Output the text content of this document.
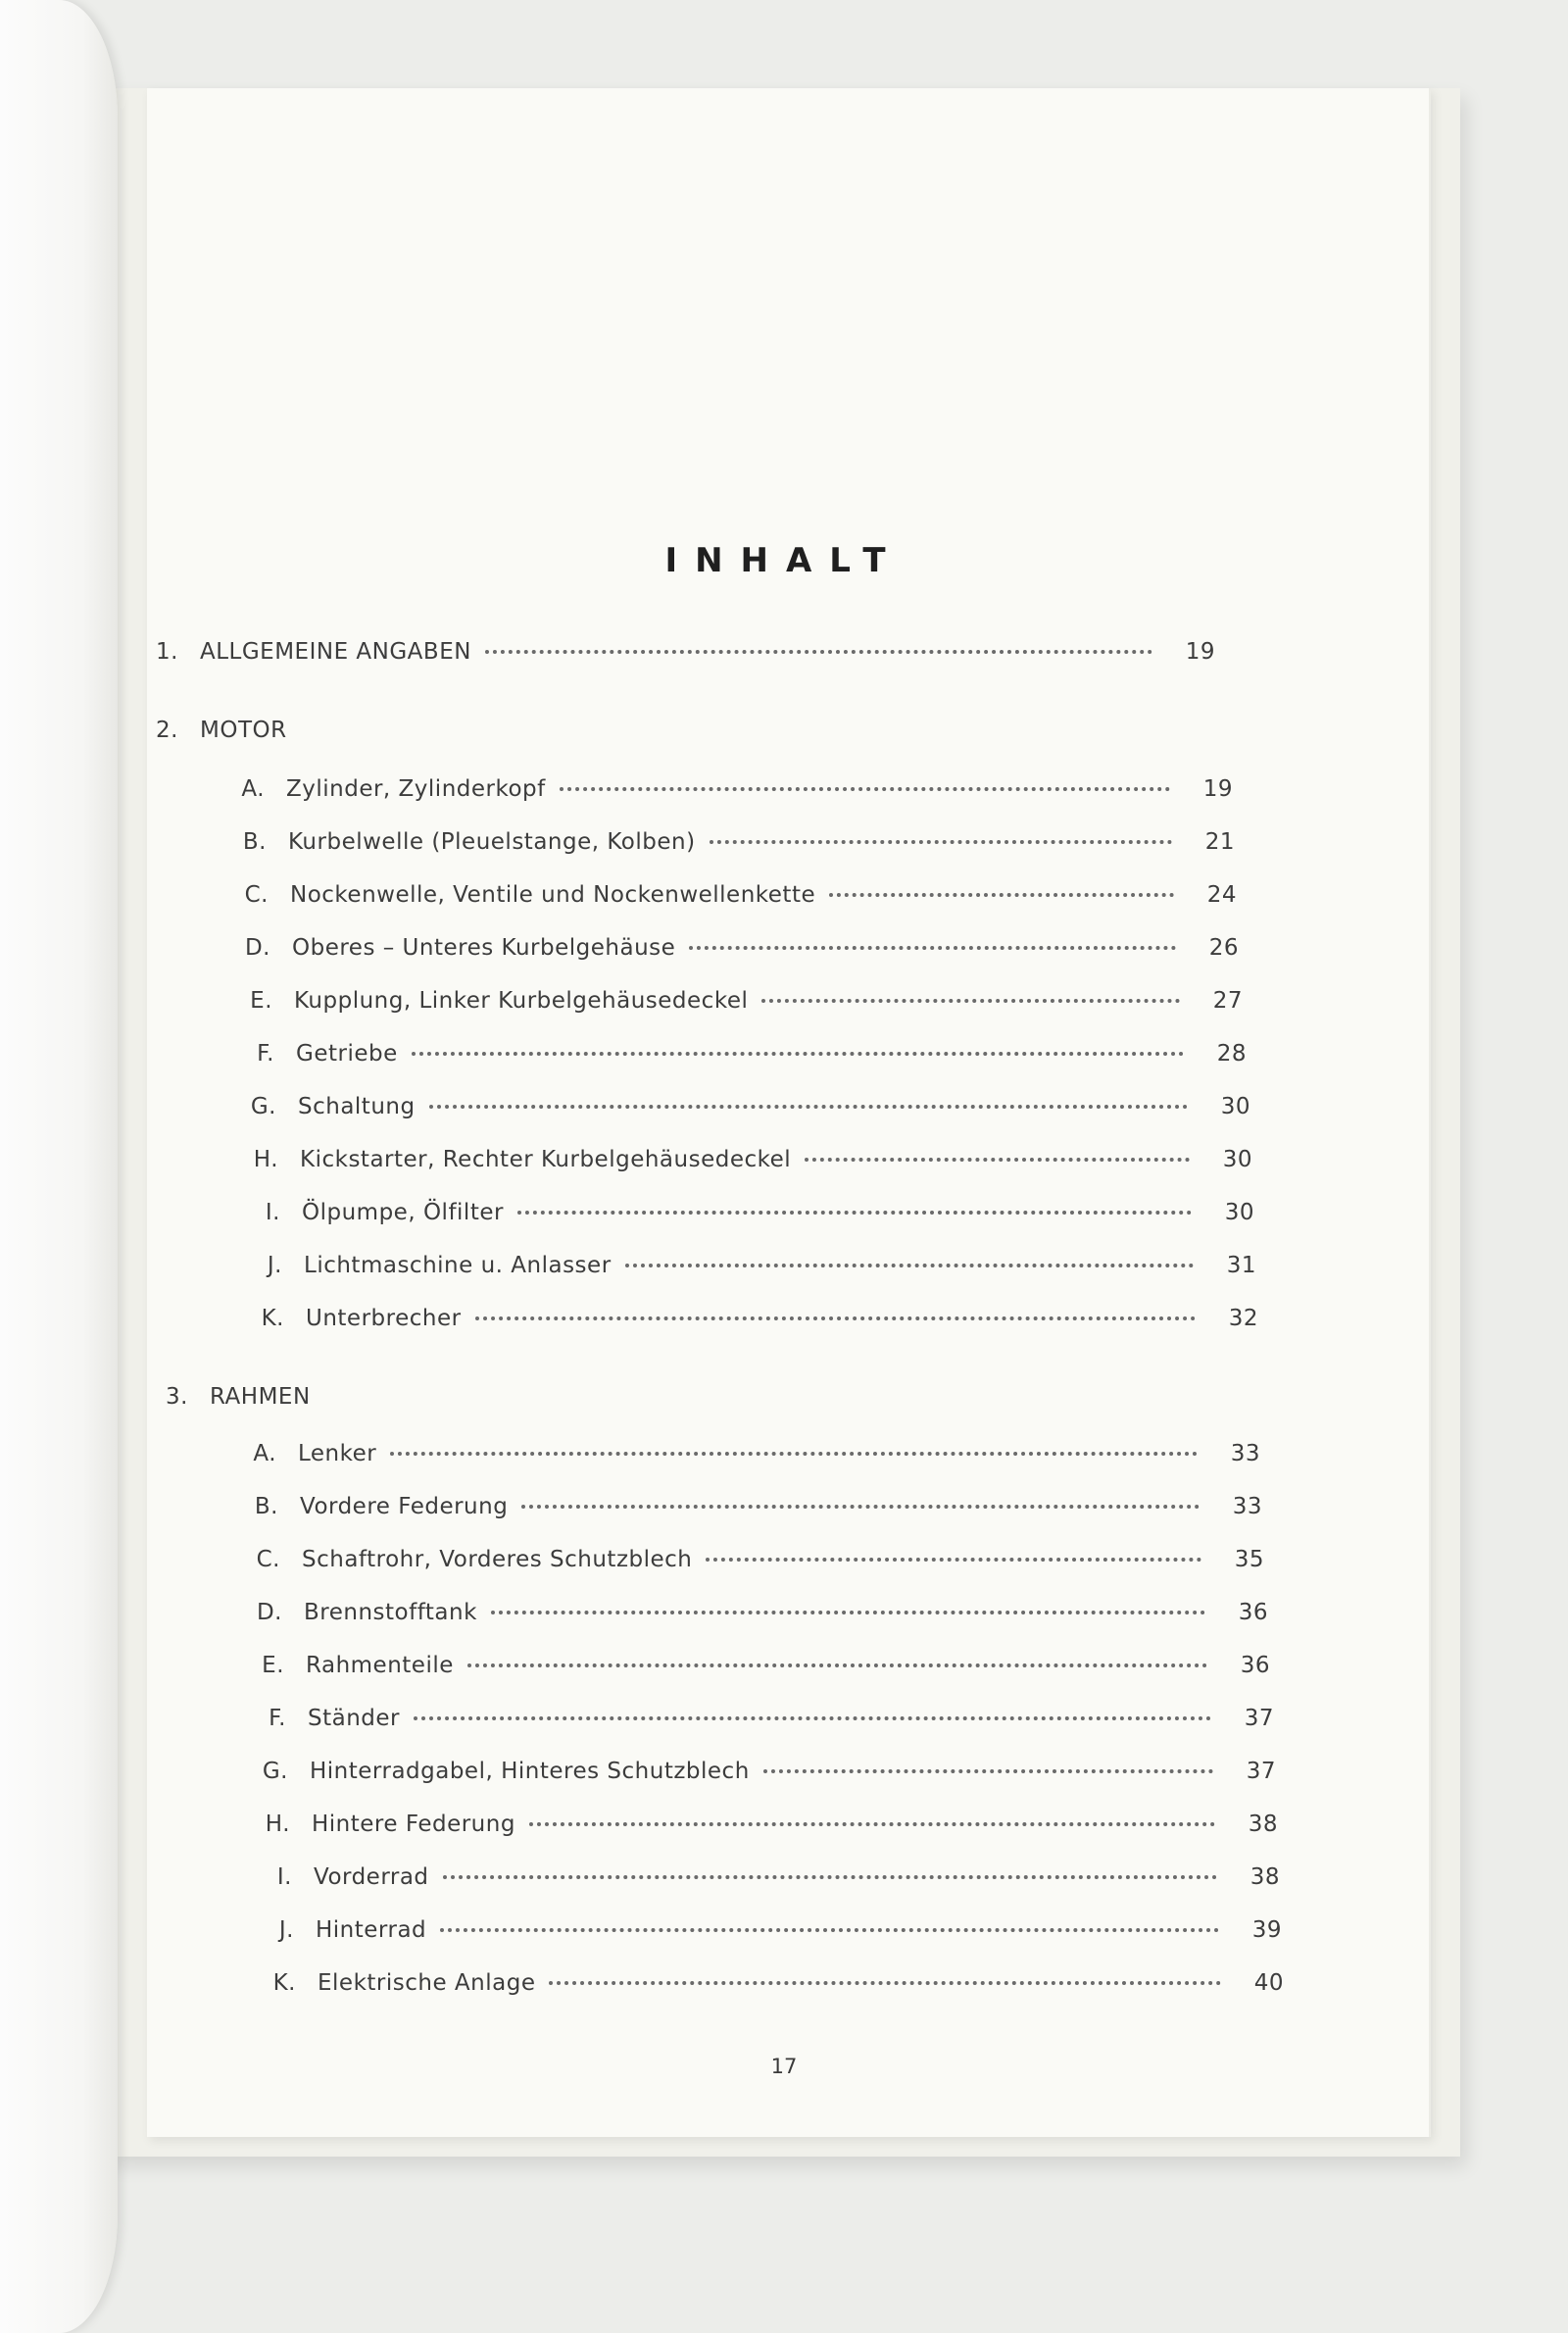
INHALT
1. ALLGEMEINE ANGABEN	19
2. MOTOR
A. Zylinder, Zylinderkopf	19
B. Kurbelwelle (Pleuelstange, Kolben)	21
C. Nockenwelle, Ventile und Nockenwellenkette	24
D. Oberes – Unteres Kurbelgehäuse	26
E. Kupplung, Linker Kurbelgehäusedeckel	27
F. Getriebe	28
G. Schaltung	30
H. Kickstarter, Rechter Kurbelgehäusedeckel	30
I. Ölpumpe, Ölfilter	30
J. Lichtmaschine u. Anlasser	31
K. Unterbrecher	32
3. RAHMEN
A. Lenker	33
B. Vordere Federung	33
C. Schaftrohr, Vorderes Schutzblech	35
D. Brennstofftank	36
E. Rahmenteile	36
F. Ständer	37
G. Hinterradgabel, Hinteres Schutzblech	37
H. Hintere Federung	38
I. Vorderrad	38
J. Hinterrad	39
K. Elektrische Anlage	40
17
